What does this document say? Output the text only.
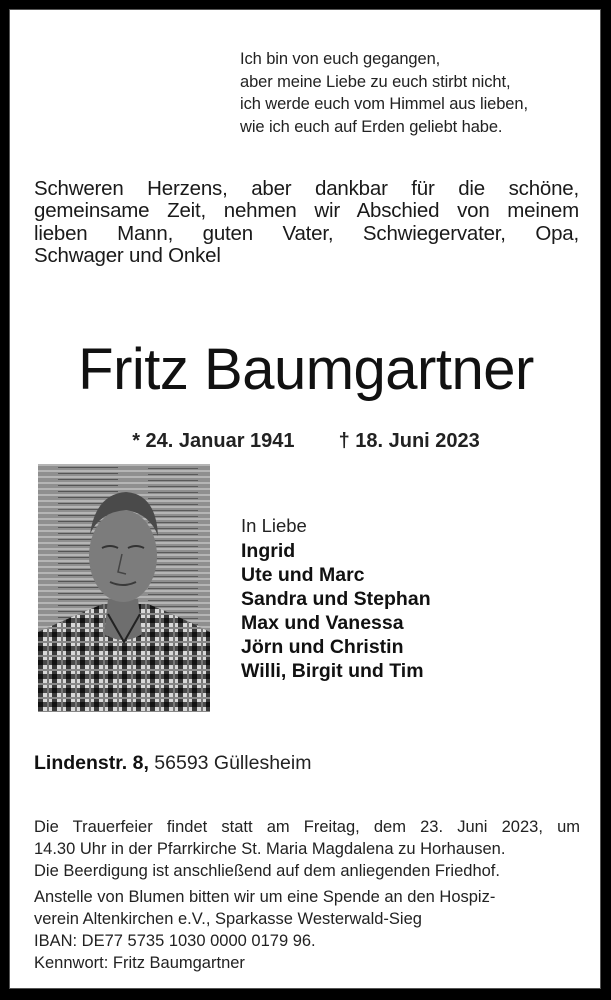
Ich bin von euch gegangen,
aber meine Liebe zu euch stirbt nicht,
ich werde euch vom Himmel aus lieben,
wie ich euch auf Erden geliebt habe.
Schweren Herzens, aber dankbar für die schöne,
gemeinsame Zeit, nehmen wir Abschied von meinem
lieben Mann, guten Vater, Schwiegervater, Opa,
Schwager und Onkel
Fritz Baumgartner
* 24. Januar 1941 † 18. Juni 2023
In Liebe
Ingrid
Ute und Marc
Sandra und Stephan
Max und Vanessa
Jörn und Christin
Willi, Birgit und Tim
Lindenstr. 8, 56593 Güllesheim
Die Trauerfeier findet statt am Freitag, dem 23. Juni 2023, um
14.30 Uhr in der Pfarrkirche St. Maria Magdalena zu Horhausen.
Die Beerdigung ist anschließend auf dem anliegenden Friedhof.
Anstelle von Blumen bitten wir um eine Spende an den Hospiz-
verein Altenkirchen e.V., Sparkasse Westerwald-Sieg
IBAN: DE77 5735 1030 0000 0179 96.
Kennwort: Fritz Baumgartner
